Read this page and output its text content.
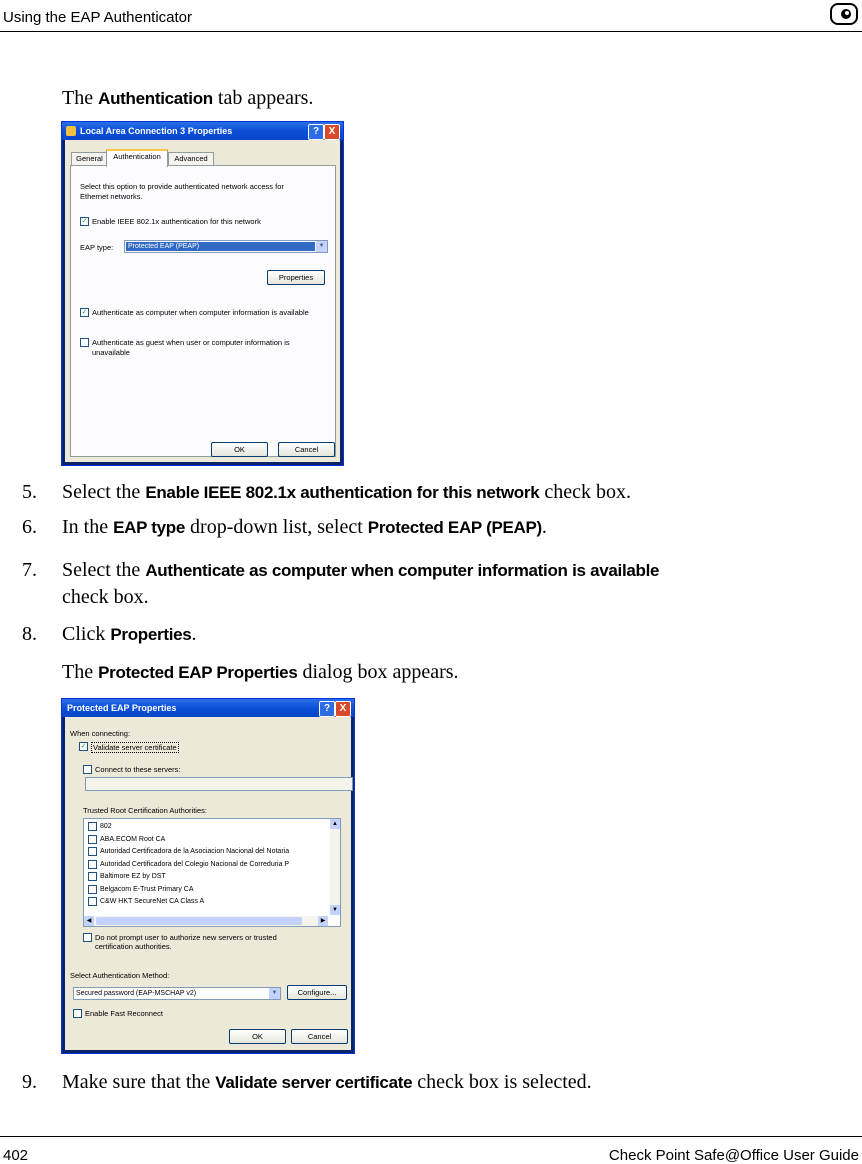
Using the EAP Authenticator
The Authentication tab appears.
Local Area Connection 3 Properties	? X
General	Authentication	Advanced
Select this option to provide authenticated network access for
Ethernet networks.
✓ Enable IEEE 802.1x authentication for this network
EAP type: Protected EAP (PEAP)	▼
Properties
✓ Authenticate as computer when computer information is available
Authenticate as guest when user or computer information is
unavailable
OK	Cancel
5. Select the Enable IEEE 802.1x authentication for this network check box.
6. In the EAP type drop-down list, select Protected EAP (PEAP).
7. Select the Authenticate as computer when computer information is available
check box.
8. Click Properties.
The Protected EAP Properties dialog box appears.
Protected EAP Properties	? X
When connecting:
✓ Validate server certificate
Connect to these servers:
Trusted Root Certification Authorities:
802
ABA.ECOM Root CA
Autoridad Certificadora de la Asociacion Nacional del Notaria
Autoridad Certificadora del Colegio Nacional de Correduria P
Baltimore EZ by DST
Belgacom E-Trust Primary CA
C&W HKT SecureNet CA Class A
▲
▼
◀	▶
Do not prompt user to authorize new servers or trusted
certification authorities.
Select Authentication Method:
Secured password (EAP-MSCHAP v2)	▼	Configure...
Enable Fast Reconnect
OK	Cancel
9. Make sure that the Validate server certificate check box is selected.
402	Check Point Safe@Office User Guide
